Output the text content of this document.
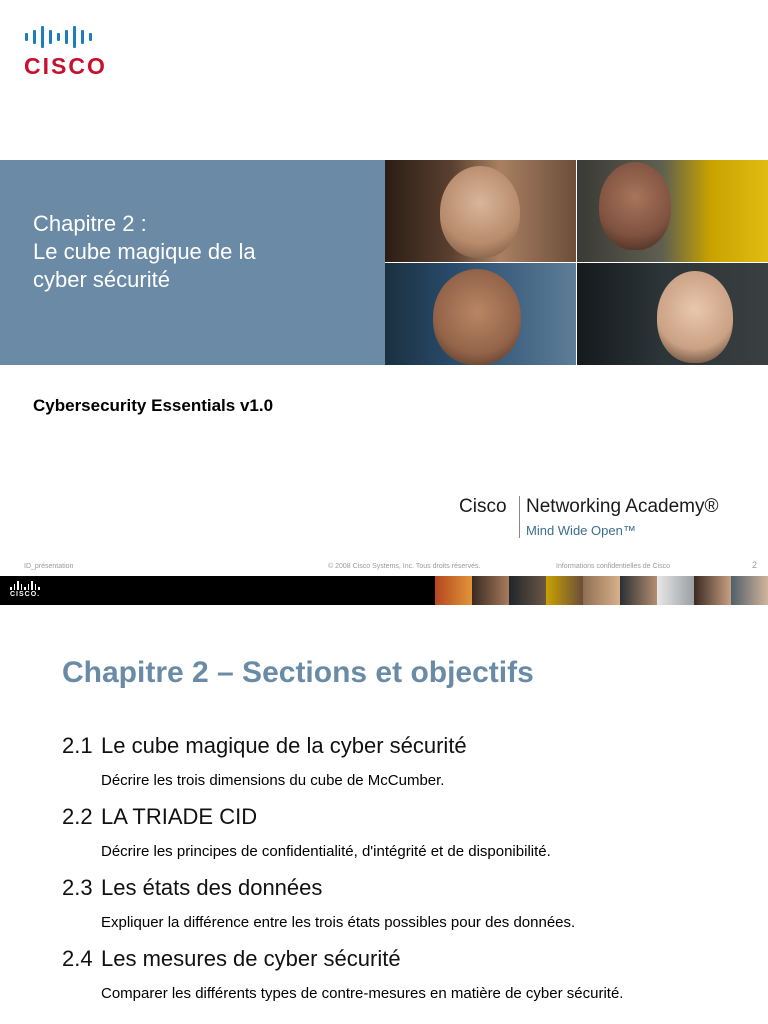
CISCO
Chapitre 2 :
Le cube magique de la
cyber sécurité
Cybersecurity Essentials v1.0
Cisco Networking Academy®
Mind Wide Open™
ID_présentation	© 2008 Cisco Systems, Inc. Tous droits réservés.	Informations confidentielles de Cisco	2
CISCO.
Chapitre 2 – Sections et objectifs
2.1 Le cube magique de la cyber sécurité
Décrire les trois dimensions du cube de McCumber.
2.2 LA TRIADE CID
Décrire les principes de confidentialité, d'intégrité et de disponibilité.
2.3 Les états des données
Expliquer la différence entre les trois états possibles pour des données.
2.4 Les mesures de cyber sécurité
Comparer les différents types de contre-mesures en matière de cyber sécurité.
